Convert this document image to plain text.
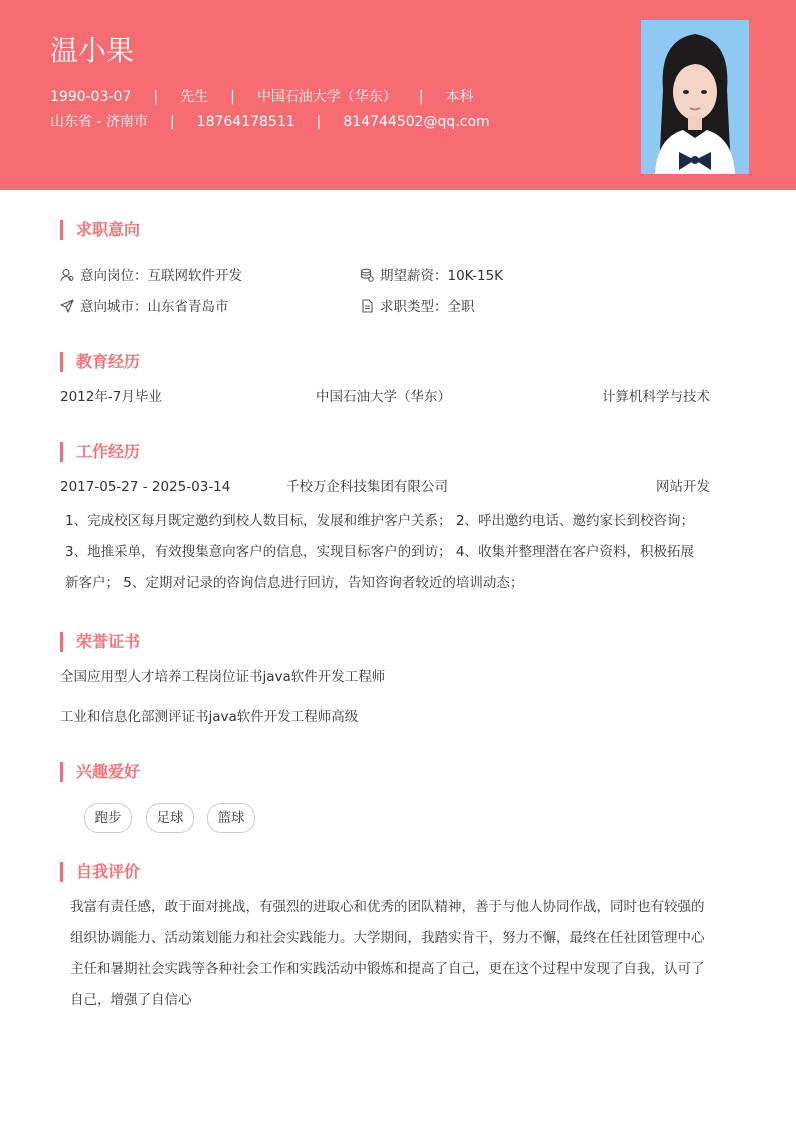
温小果
1990-03-07 | 先生 | 中国石油大学（华东） | 本科
山东省 - 济南市 | 18764178511 | 814744502@qq.com
求职意向
意向岗位：互联网软件开发	期望薪资：10K-15K
意向城市：山东省青岛市	求职类型：全职
教育经历
2012年-7月毕业	中国石油大学（华东）	计算机科学与技术
工作经历
2017-05-27 - 2025-03-14	千校万企科技集团有限公司	网站开发
1、完成校区每月既定邀约到校人数目标，发展和维护客户关系； 2、呼出邀约电话、邀约家长到校咨询； 3、地推采单，有效搜集意向客户的信息，实现目标客户的到访； 4、收集并整理潜在客户资料，积极拓展新客户； 5、定期对记录的咨询信息进行回访，告知咨询者较近的培训动态；
荣誉证书
全国应用型人才培养工程岗位证书java软件开发工程师
工业和信息化部测评证书java软件开发工程师高级
兴趣爱好
跑步	足球	篮球
自我评价
我富有责任感，敢于面对挑战，有强烈的进取心和优秀的团队精神，善于与他人协同作战，同时也有较强的组织协调能力、活动策划能力和社会实践能力。大学期间，我踏实肯干，努力不懈，最终在任社团管理中心主任和暑期社会实践等各种社会工作和实践活动中锻炼和提高了自己，更在这个过程中发现了自我，认可了自己，增强了自信心
